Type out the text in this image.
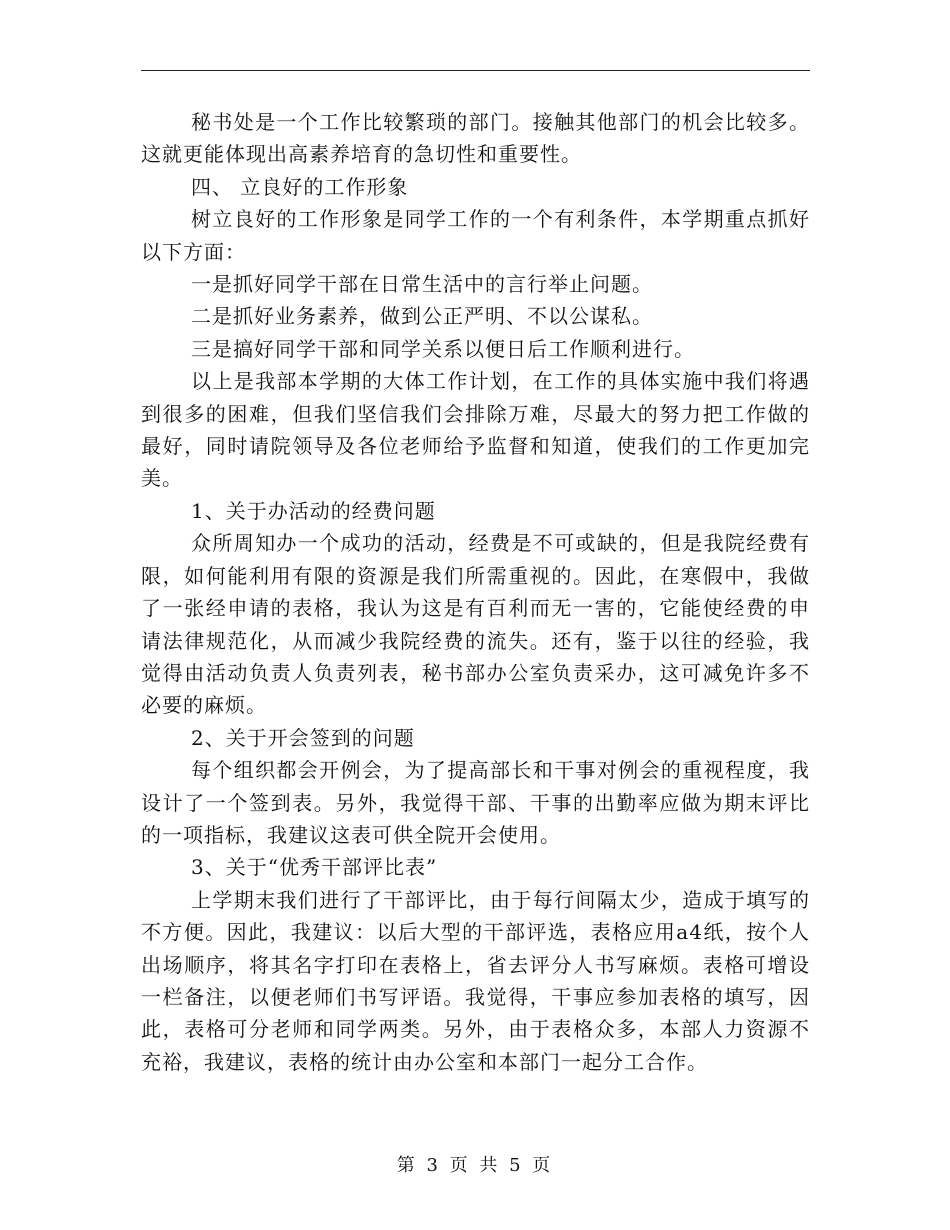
秘书处是一个工作比较繁琐的部门。接触其他部门的机会比较多。这就更能体现出高素养培育的急切性和重要性。

四、 立良好的工作形象

树立良好的工作形象是同学工作的一个有利条件，本学期重点抓好以下方面：

一是抓好同学干部在日常生活中的言行举止问题。

二是抓好业务素养，做到公正严明、不以公谋私。

三是搞好同学干部和同学关系以便日后工作顺利进行。

以上是我部本学期的大体工作计划，在工作的具体实施中我们将遇到很多的困难，但我们坚信我们会排除万难，尽最大的努力把工作做的最好，同时请院领导及各位老师给予监督和知道，使我们的工作更加完美。

1、关于办活动的经费问题

众所周知办一个成功的活动，经费是不可或缺的，但是我院经费有限，如何能利用有限的资源是我们所需重视的。因此，在寒假中，我做了一张经申请的表格，我认为这是有百利而无一害的，它能使经费的申请法律规范化，从而减少我院经费的流失。还有，鉴于以往的经验，我觉得由活动负责人负责列表，秘书部办公室负责采办，这可减免许多不必要的麻烦。

2、关于开会签到的问题

每个组织都会开例会，为了提高部长和干事对例会的重视程度，我设计了一个签到表。另外，我觉得干部、干事的出勤率应做为期末评比的一项指标，我建议这表可供全院开会使用。

3、关于“优秀干部评比表”

上学期末我们进行了干部评比，由于每行间隔太少，造成于填写的不方便。因此，我建议：以后大型的干部评选，表格应用a4纸，按个人出场顺序，将其名字打印在表格上，省去评分人书写麻烦。表格可增设一栏备注，以便老师们书写评语。我觉得，干事应参加表格的填写，因此，表格可分老师和同学两类。另外，由于表格众多，本部人力资源不充裕，我建议，表格的统计由办公室和本部门一起分工合作。

第 3 页 共 5 页
